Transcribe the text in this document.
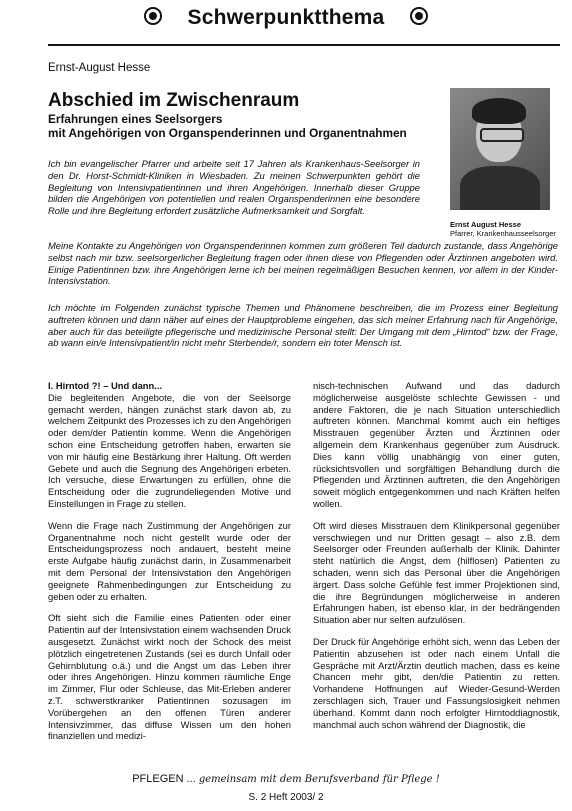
Schwerpunktthema
Ernst-August Hesse
Abschied im Zwischenraum
Erfahrungen eines Seelsorgers
mit Angehörigen von Organspenderinnen und Organentnahmen
Ernst August Hesse
Pfarrer, Krankenhausseelsorger

Ich bin evangelischer Pfarrer und arbeite seit 17 Jahren als Krankenhaus-Seelsorger in den Dr. Horst-Schmidt-Kliniken in Wiesbaden. Zu meinen Schwerpunkten gehört die Begleitung von Intensivpatientinnen und ihren Angehörigen. Innerhalb dieser Gruppe bilden die Angehörigen von potentiellen und realen Organspenderinnen eine besondere Rolle und ihre Begleitung erfordert zusätzliche Aufmerksamkeit und Sorgfalt.

Meine Kontakte zu Angehörigen von Organspenderinnen kommen zum größeren Teil dadurch zustande, dass Angehörige selbst nach mir bzw. seelsorgerlicher Begleitung fragen oder ihnen diese von Pflegenden oder Ärztinnen angeboten wird. Einige Patientinnen bzw. ihre Angehörigen lerne ich bei meinen regelmäßigen Besuchen kennen, vor allem in der Kinder-Intensivstation.

Ich möchte im Folgenden zunächst typische Themen und Phänomene beschreiben, die im Prozess einer Begleitung auftreten können und dann näher auf eines der Hauptprobleme eingehen, das sich meiner Erfahrung nach für Angehörige, aber auch für das beteiligte pflegerische und medizinische Personal stellt: Der Umgang mit dem „Hirntod“ bzw. der Frage, ab wann ein/e Intensivpatient/in nicht mehr Sterbende/r, sondern ein toter Mensch ist.

I. Hirntod ?! – Und dann...

Die begleitenden Angebote, die von der Seelsorge gemacht werden, hängen zunächst stark davon ab, zu welchem Zeitpunkt des Prozesses ich zu den Angehörigen oder dem/der Patientin komme. Wenn die Angehörigen schon eine Entscheidung getroffen haben, erwarten sie von mir häufig eine Bestärkung ihrer Haltung. Oft werden Gebete und auch die Segnung des Angehörigen erbeten. Ich versuche, diese Erwartungen zu erfüllen, ohne die Entscheidung oder die zugrundeliegenden Motive und Einstellungen in Frage zu stellen.

Wenn die Frage nach Zustimmung der Angehörigen zur Organentnahme noch nicht gestellt wurde oder der Entscheidungsprozess noch andauert, besteht meine erste Aufgabe häufig zunächst darin, in Zusammenarbeit mit dem Personal der Intensivstation den Angehörigen geeignete Rahmenbedingungen zur Entscheidung zu geben oder zu erhalten.

Oft sieht sich die Familie eines Patienten oder einer Patientin auf der Intensivstation einem wachsenden Druck ausgesetzt. Zunächst wirkt noch der Schock des meist plötzlich eingetretenen Zustands (sei es durch Unfall oder Gehirnblutung o.ä.) und die Angst um das Leben ihrer oder ihres Angehörigen. Hinzu kommen räumliche Enge im Zimmer, Flur oder Schleuse, das Mit-Erleben anderer z.T. schwerstkranker Patientinnen sozusagen im Vorübergehen an den offenen Türen anderer Intensivzimmer, das diffuse Wissen um den hohen finanziellen und medizi-

nisch-technischen Aufwand und das dadurch möglicherweise ausgelöste schlechte Gewissen - und andere Faktoren, die je nach Situation unterschiedlich auftreten können. Manchmal kommt auch ein heftiges Misstrauen gegenüber Ärzten und Ärztinnen oder allgemein dem Krankenhaus gegenüber zum Ausdruck. Dies kann völlig unabhängig von einer guten, rücksichtsvollen und sorgfältigen Behandlung durch die Pflegenden und Ärztinnen auftreten, die den Angehörigen soweit möglich entgegenkommen und nach Kräften helfen wollen.

Oft wird dieses Misstrauen dem Klinikpersonal gegenüber verschwiegen und nur Dritten gesagt – also z.B. dem Seelsorger oder Freunden außerhalb der Klinik. Dahinter steht natürlich die Angst, dem (hilflosen) Patienten zu schaden, wenn sich das Personal über die Angehörigen ärgert. Dass solche Gefühle fest immer Projektionen sind, die ihre Begründungen möglicherweise in anderen Erfahrungen haben, ist ebenso klar, in der bedrängenden Situation aber nur selten aufzulösen.

Der Druck für Angehörige erhöht sich, wenn das Leben der Patientin abzusehen ist oder nach einem Unfall die Gespräche mit Arzt/Ärztin deutlich machen, dass es keine Chancen mehr gibt, den/die Patientin zu retten. Vorhandene Hoffnungen auf Wieder-Gesund-Werden zerschlagen sich, Trauer und Fassungslosigkeit nehmen überhand. Kommt dann noch erfolgter Hirntoddiagnostik, manchmal auch schon während der Diagnostik, die

PFLEGEN ... gemeinsam mit dem Berufsverband für Pflege !
S. 2 Heft 2003/ 2
